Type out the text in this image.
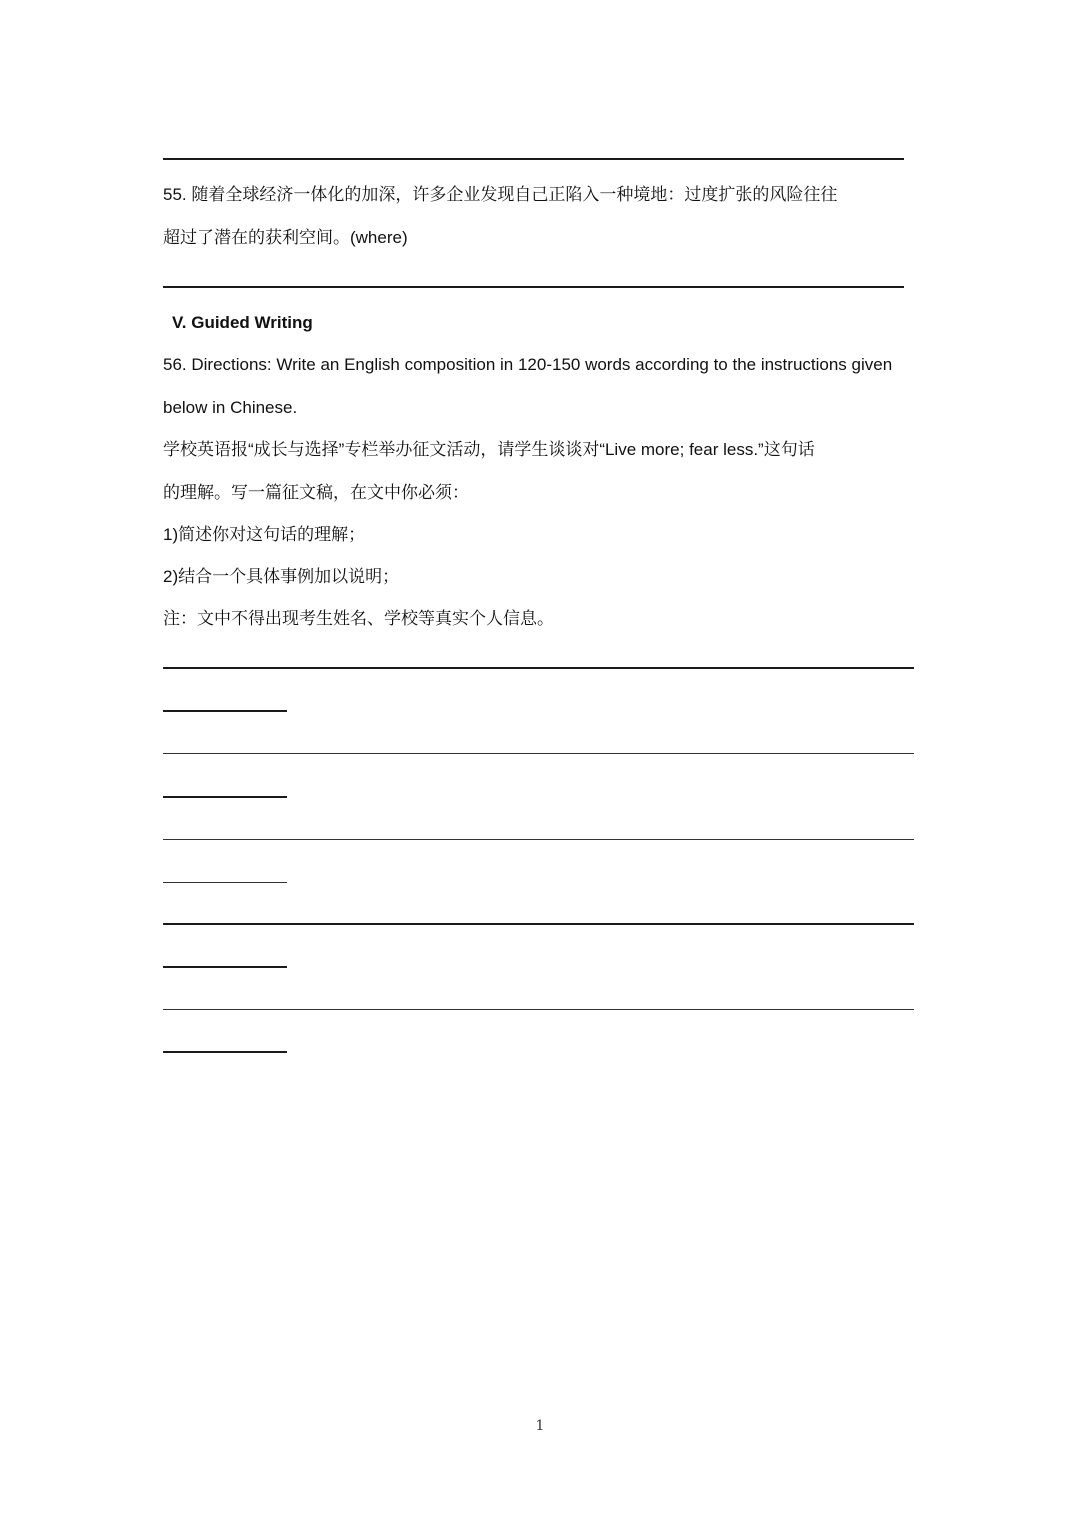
55. 随着全球经济一体化的加深，许多企业发现自己正陷入一种境地：过度扩张的风险往往
超过了潜在的获利空间。(where)
V. Guided Writing
56. Directions: Write an English composition in 120-150 words according to the instructions given
below in Chinese.
学校英语报“成长与选择”专栏举办征文活动，请学生谈谈对“Live more; fear less.”这句话
的理解。写一篇征文稿，在文中你必须：
1)简述你对这句话的理解；
2)结合一个具体事例加以说明；
注：文中不得出现考生姓名、学校等真实个人信息。
1
